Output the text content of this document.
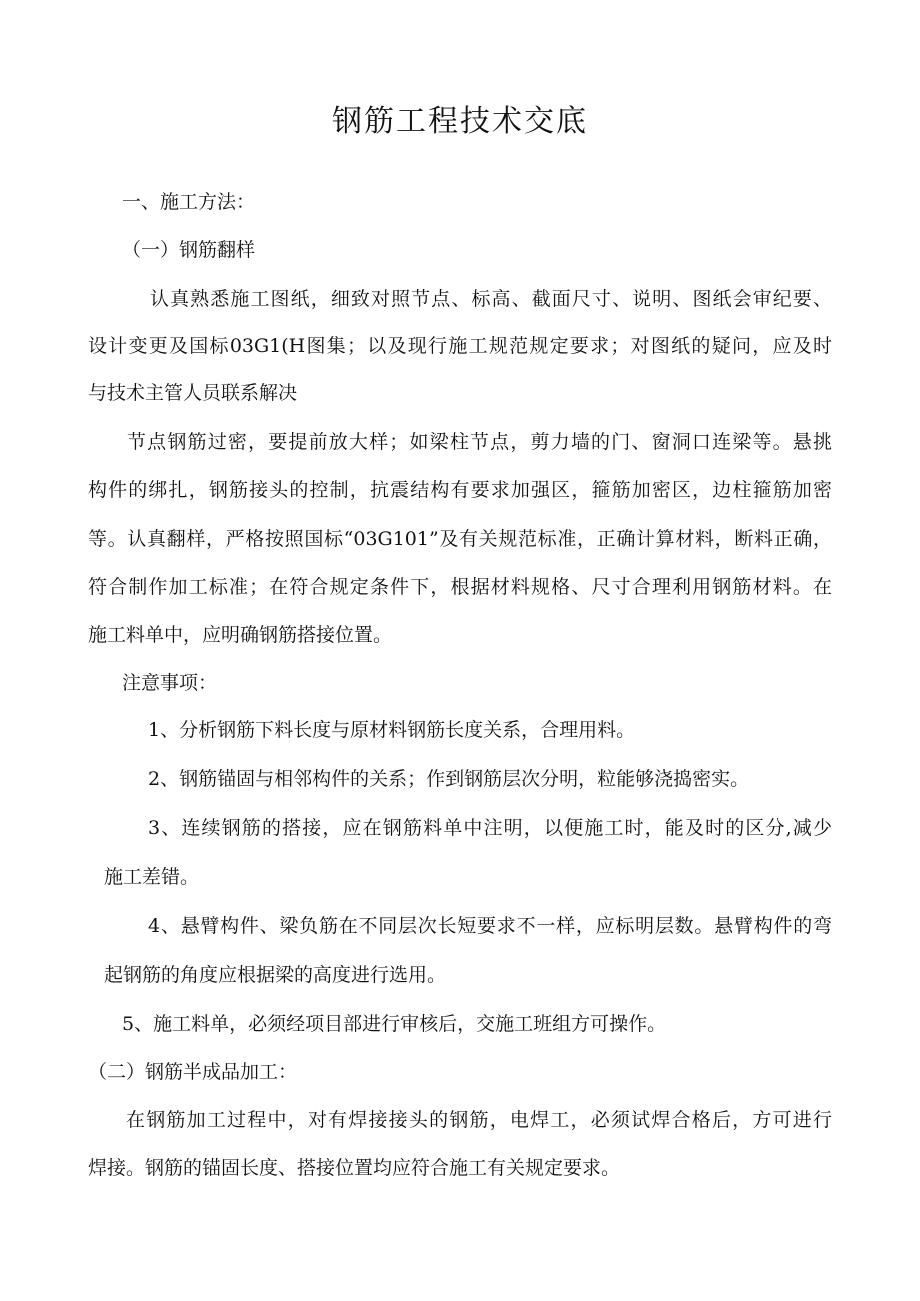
钢筋工程技术交底

一、施工方法：

（一）钢筋翻样

认真熟悉施工图纸，细致对照节点、标高、截面尺寸、说明、图纸会审纪要、

设计变更及国标03G1(H图集；以及现行施工规范规定要求；对图纸的疑问，应及时

与技术主管人员联系解决

节点钢筋过密，要提前放大样；如梁柱节点，剪力墙的门、窗洞口连梁等。悬挑

构件的绑扎，钢筋接头的控制，抗震结构有要求加强区，箍筋加密区，边柱箍筋加密

等。认真翻样，严格按照国标“03G101”及有关规范标准，正确计算材料，断料正确，

符合制作加工标准；在符合规定条件下，根据材料规格、尺寸合理利用钢筋材料。在

施工料单中，应明确钢筋搭接位置。

注意事项：

1、分析钢筋下料长度与原材料钢筋长度关系，合理用料。

2、钢筋锚固与相邻构件的关系；作到钢筋层次分明，粒能够浇捣密实。

3、连续钢筋的搭接，应在钢筋料单中注明，以便施工时，能及时的区分,减少

施工差错。

4、悬臂构件、梁负筋在不同层次长短要求不一样，应标明层数。悬臂构件的弯

起钢筋的角度应根据梁的高度进行选用。

5、施工料单，必须经项目部进行审核后，交施工班组方可操作。

（二）钢筋半成品加工：

在钢筋加工过程中，对有焊接接头的钢筋，电焊工，必须试焊合格后，方可进行

焊接。钢筋的锚固长度、搭接位置均应符合施工有关规定要求。
